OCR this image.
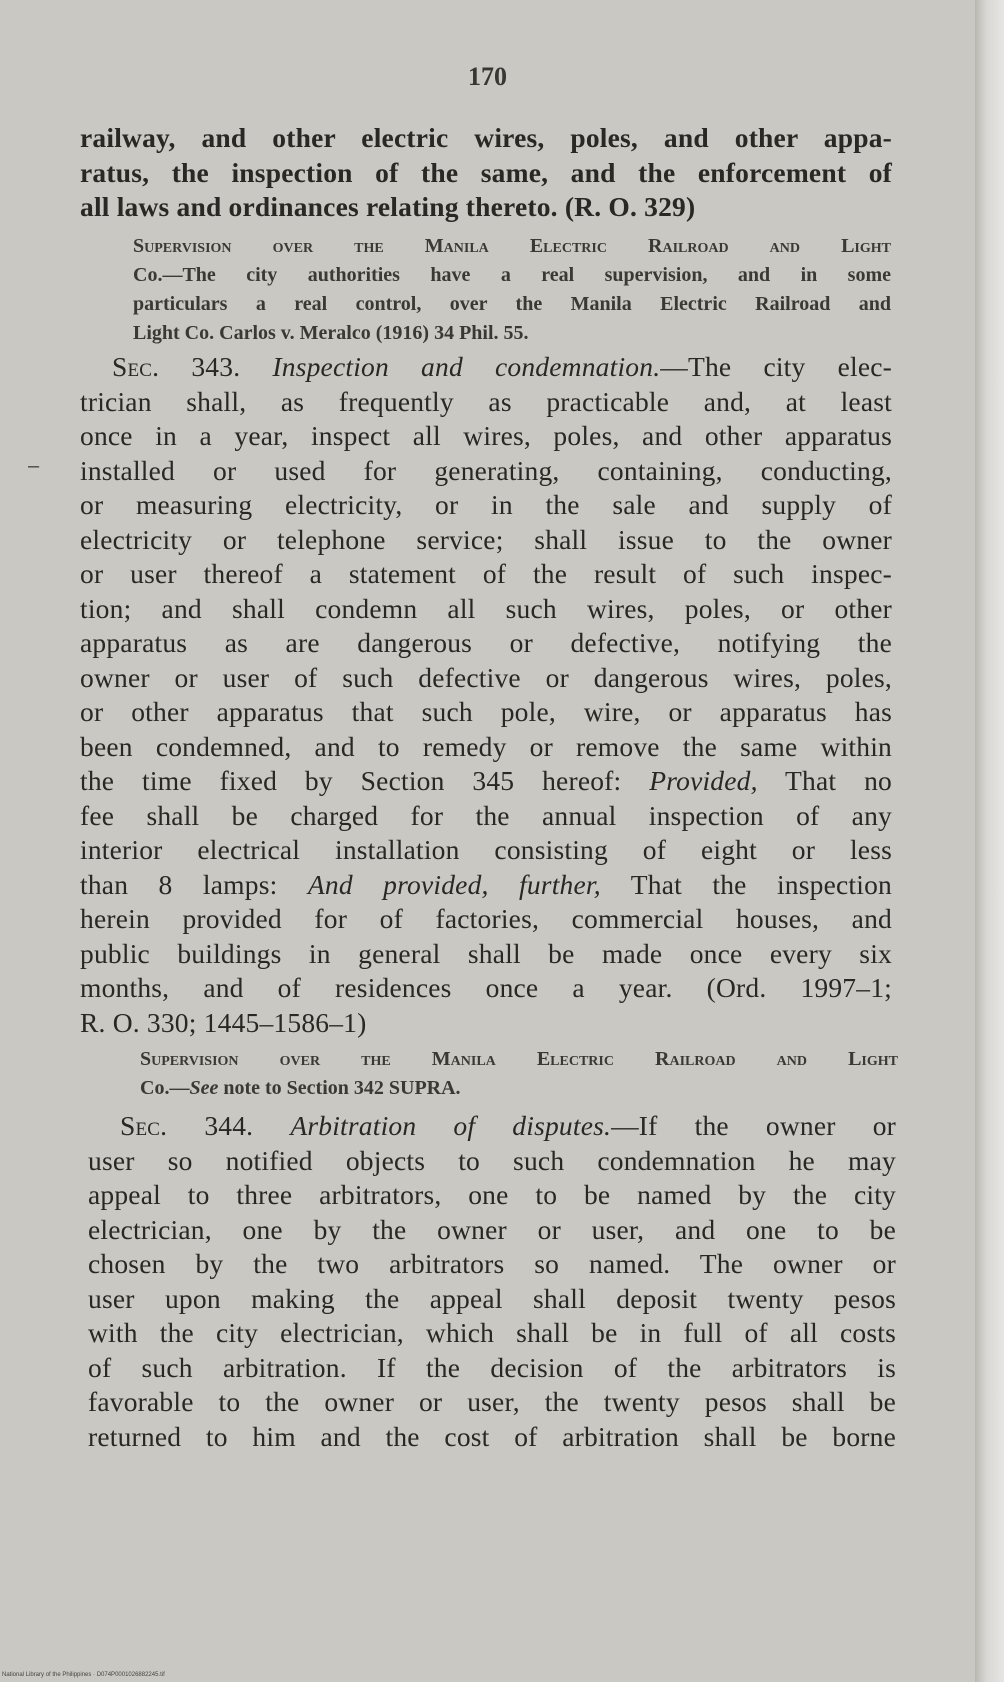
170
–
railway, and other electric wires, poles, and other appa-
ratus, the inspection of the same, and the enforcement of
all laws and ordinances relating thereto. (R. O. 329)
Supervision over the Manila Electric Railroad and Light
Co.—The city authorities have a real supervision, and in some
particulars a real control, over the Manila Electric Railroad and
Light Co. Carlos v. Meralco (1916) 34 Phil. 55.
Sec. 343. Inspection and condemnation.—The city elec-
trician shall, as frequently as practicable and, at least
once in a year, inspect all wires, poles, and other apparatus
installed or used for generating, containing, conducting,
or measuring electricity, or in the sale and supply of
electricity or telephone service; shall issue to the owner
or user thereof a statement of the result of such inspec-
tion; and shall condemn all such wires, poles, or other
apparatus as are dangerous or defective, notifying the
owner or user of such defective or dangerous wires, poles,
or other apparatus that such pole, wire, or apparatus has
been condemned, and to remedy or remove the same within
the time fixed by Section 345 hereof: Provided, That no
fee shall be charged for the annual inspection of any
interior electrical installation consisting of eight or less
than 8 lamps: And provided, further, That the inspection
herein provided for of factories, commercial houses, and
public buildings in general shall be made once every six
months, and of residences once a year. (Ord. 1997–1;
R. O. 330; 1445–1586–1)
Supervision over the Manila Electric Railroad and Light
Co.—See note to Section 342 SUPRA.
Sec. 344. Arbitration of disputes.—If the owner or
user so notified objects to such condemnation he may
appeal to three arbitrators, one to be named by the city
electrician, one by the owner or user, and one to be
chosen by the two arbitrators so named. The owner or
user upon making the appeal shall deposit twenty pesos
with the city electrician, which shall be in full of all costs
of such arbitration. If the decision of the arbitrators is
favorable to the owner or user, the twenty pesos shall be
returned to him and the cost of arbitration shall be borne
National Library of the Philippines · D074P0001026882245.tif
